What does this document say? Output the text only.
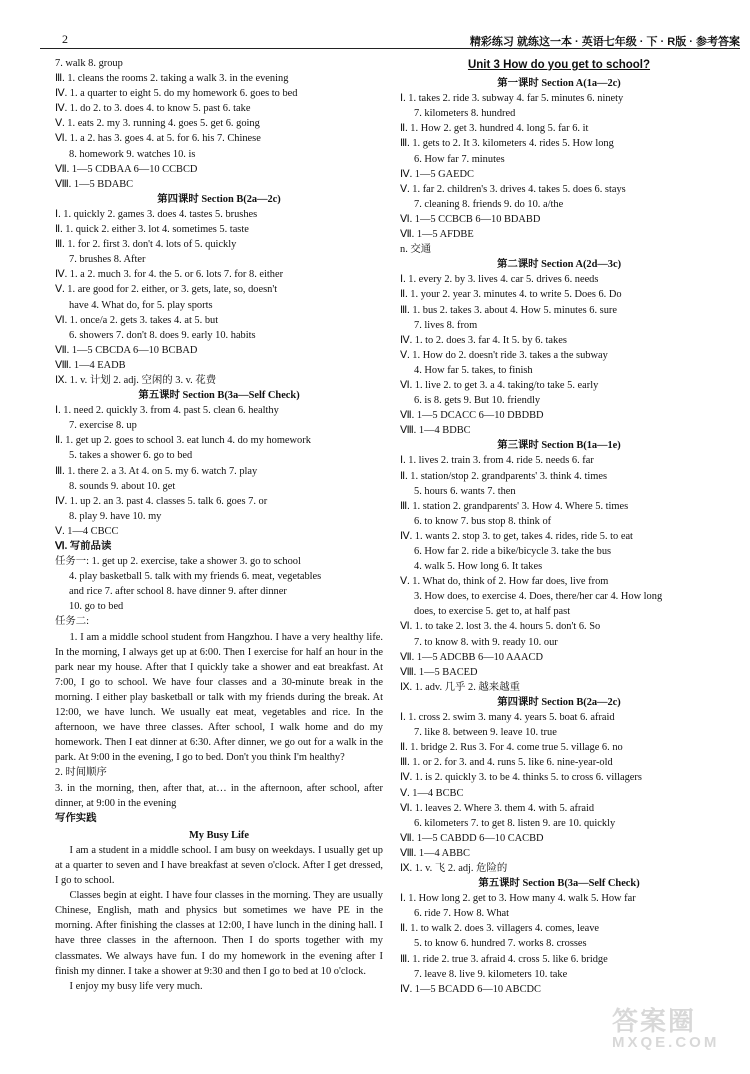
2	精彩练习 就练这一本 · 英语七年级 · 下 · R版 · 参考答案
7. walk 8. group
Ⅲ. 1. cleans the rooms 2. taking a walk 3. in the evening
Ⅳ. 1. a quarter to eight 5. do my homework 6. goes to bed
Ⅳ. 1. do 2. to 3. does 4. to know 5. past 6. take
Ⅴ. 1. eats 2. my 3. running 4. goes 5. get 6. going
Ⅵ. 1. a 2. has 3. goes 4. at 5. for 6. his 7. Chinese
8. homework 9. watches 10. is
Ⅶ. 1—5 CDBAA 6—10 CCBCD
Ⅷ. 1—5 BDABC
第四课时 Section B(2a—2c)
Ⅰ. 1. quickly 2. games 3. does 4. tastes 5. brushes
Ⅱ. 1. quick 2. either 3. lot 4. sometimes 5. taste
Ⅲ. 1. for 2. first 3. don't 4. lots of 5. quickly
7. brushes 8. After
Ⅳ. 1. a 2. much 3. for 4. the 5. or 6. lots 7. for 8. either
Ⅴ. 1. are good for 2. either, or 3. gets, late, so, doesn't
have 4. What do, for 5. play sports
Ⅵ. 1. once/a 2. gets 3. takes 4. at 5. but
6. showers 7. don't 8. does 9. early 10. habits
Ⅶ. 1—5 CBCDA 6—10 BCBAD
Ⅷ. 1—4 EADB
Ⅸ. 1. v. 计划 2. adj. 空闲的 3. v. 花费
第五课时 Section B(3a—Self Check)
Ⅰ. 1. need 2. quickly 3. from 4. past 5. clean 6. healthy
7. exercise 8. up
Ⅱ. 1. get up 2. goes to school 3. eat lunch 4. do my homework
5. takes a shower 6. go to bed
Ⅲ. 1. there 2. a 3. At 4. on 5. my 6. watch 7. play
8. sounds 9. about 10. get
Ⅳ. 1. up 2. an 3. past 4. classes 5. talk 6. goes 7. or
8. play 9. have 10. my
Ⅴ. 1—4 CBCC
Ⅵ. 写前品读
任务一: 1. get up 2. exercise, take a shower 3. go to school
4. play basketball 5. talk with my friends 6. meat, vegetables
and rice 7. after school 8. have dinner 9. after dinner
10. go to bed
任务二:
1. I am a middle school student from Hangzhou. I have a very healthy life. In the morning, I always get up at 6:00. Then I exercise for half an hour in the park near my house. After that I quickly take a shower and eat breakfast. At 7:00, I go to school. We have four classes and a 30-minute break in the morning. I either play basketball or talk with my friends during the break. At 12:00, we have lunch. We usually eat meat, vegetables and rice. In the afternoon, we have three classes. After school, I walk home and do my homework. Then I eat dinner at 6:30. After dinner, we go out for a walk in the park. At 9:00 in the evening, I go to bed. Don't you think I'm healthy?
2. 时间顺序
3. in the morning, then, after that, at… in the afternoon, after school, after dinner, at 9:00 in the evening
写作实践
My Busy Life
I am a student in a middle school. I am busy on weekdays. I usually get up at a quarter to seven and I have breakfast at seven o'clock. After I get dressed, I go to school.
Classes begin at eight. I have four classes in the morning. They are usually Chinese, English, math and physics but sometimes we have PE in the morning. After finishing the classes at 12:00, I have lunch in the dining hall. I have three classes in the afternoon. Then I do sports together with my classmates. We always have fun. I do my homework in the evening after I finish my dinner. I take a shower at 9:30 and then I go to bed at 10 o'clock.
I enjoy my busy life very much.
Unit 3 How do you get to school?
第一课时 Section A(1a—2c)
Ⅰ. 1. takes 2. ride 3. subway 4. far 5. minutes 6. ninety
7. kilometers 8. hundred
Ⅱ. 1. How 2. get 3. hundred 4. long 5. far 6. it
Ⅲ. 1. gets to 2. It 3. kilometers 4. rides 5. How long
6. How far 7. minutes
Ⅳ. 1—5 GAEDC
Ⅴ. 1. far 2. children's 3. drives 4. takes 5. does 6. stays
7. cleaning 8. friends 9. do 10. a/the
Ⅵ. 1—5 CCBCB 6—10 BDABD
Ⅶ. 1—5 AFDBE
n. 交通
第二课时 Section A(2d—3c)
Ⅰ. 1. every 2. by 3. lives 4. car 5. drives 6. needs
Ⅱ. 1. your 2. year 3. minutes 4. to write 5. Does 6. Do
Ⅲ. 1. bus 2. takes 3. about 4. How 5. minutes 6. sure
7. lives 8. from
Ⅳ. 1. to 2. does 3. far 4. It 5. by 6. takes
Ⅴ. 1. How do 2. doesn't ride 3. takes a the subway
4. How far 5. takes, to finish
Ⅵ. 1. live 2. to get 3. a 4. taking/to take 5. early
6. is 8. gets 9. But 10. friendly
Ⅶ. 1—5 DCACC 6—10 DBDBD
Ⅷ. 1—4 BDBC
第三课时 Section B(1a—1e)
Ⅰ. 1. lives 2. train 3. from 4. ride 5. needs 6. far
Ⅱ. 1. station/stop 2. grandparents' 3. think 4. times
5. hours 6. wants 7. then
Ⅲ. 1. station 2. grandparents' 3. How 4. Where 5. times
6. to know 7. bus stop 8. think of
Ⅳ. 1. wants 2. stop 3. to get, takes 4. rides, ride 5. to eat
6. How far 2. ride a bike/bicycle 3. take the bus
4. walk 5. How long 6. It takes
Ⅴ. 1. What do, think of 2. How far does, live from
3. How does, to exercise 4. Does, there/her car 4. How long
does, to exercise 5. get to, at half past
Ⅵ. 1. to take 2. lost 3. the 4. hours 5. don't 6. So
7. to know 8. with 9. ready 10. our
Ⅶ. 1—5 ADCBB 6—10 AAACD
Ⅷ. 1—5 BACED
Ⅸ. 1. adv. 几乎 2. 越来越重
第四课时 Section B(2a—2c)
Ⅰ. 1. cross 2. swim 3. many 4. years 5. boat 6. afraid
7. like 8. between 9. leave 10. true
Ⅱ. 1. bridge 2. Rus 3. For 4. come true 5. village 6. no
Ⅲ. 1. or 2. for 3. and 4. runs 5. like 6. nine-year-old
Ⅳ. 1. is 2. quickly 3. to be 4. thinks 5. to cross 6. villagers
Ⅴ. 1—4 BCBC
Ⅵ. 1. leaves 2. Where 3. them 4. with 5. afraid
6. kilometers 7. to get 8. listen 9. are 10. quickly
Ⅶ. 1—5 CABDD 6—10 CACBD
Ⅷ. 1—4 ABBC
Ⅸ. 1. v. 飞 2. adj. 危险的
第五课时 Section B(3a—Self Check)
Ⅰ. 1. How long 2. get to 3. How many 4. walk 5. How far
6. ride 7. How 8. What
Ⅱ. 1. to walk 2. does 3. villagers 4. comes, leave
5. to know 6. hundred 7. works 8. crosses
Ⅲ. 1. ride 2. true 3. afraid 4. cross 5. like 6. bridge
7. leave 8. live 9. kilometers 10. take
Ⅳ. 1—5 BCADD 6—10 ABCDC
答案圈
MXQE.COM
